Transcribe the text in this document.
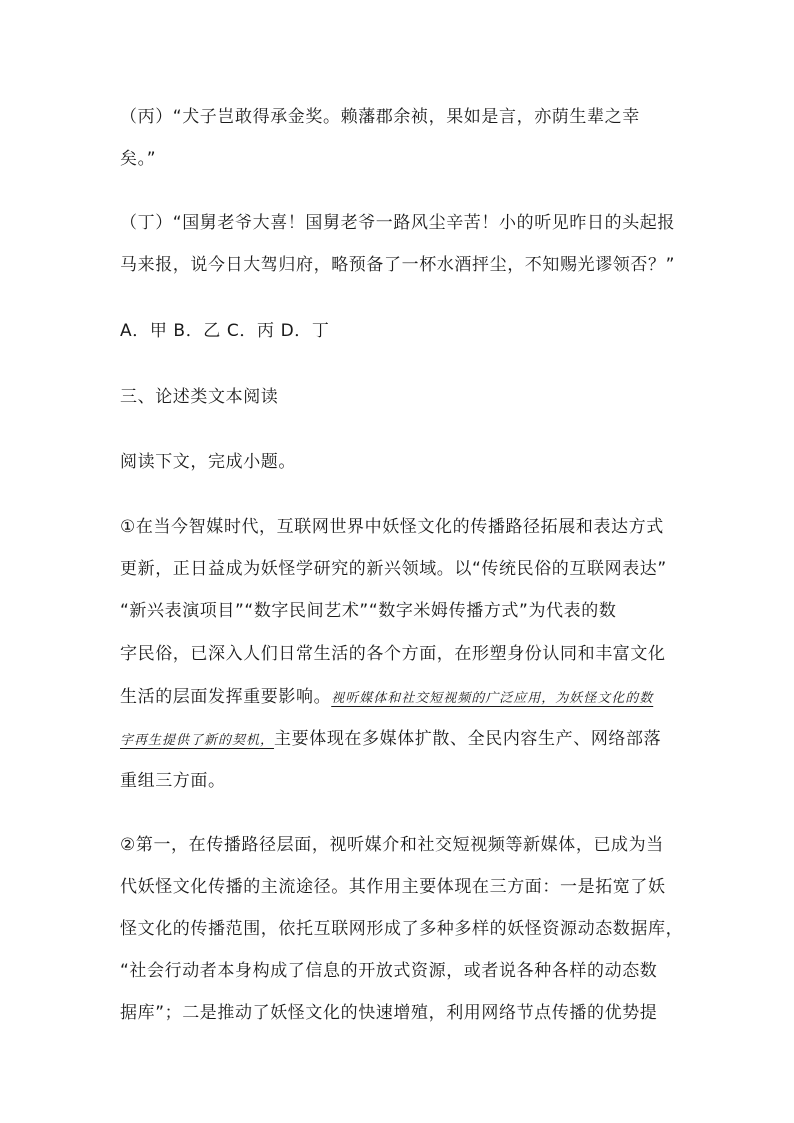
（丙）“犬子岂敢得承金奖。赖藩郡余祯，果如是言，亦荫生辈之幸
矣。”
（丁）“国舅老爷大喜！国舅老爷一路风尘辛苦！小的听见昨日的头起报
马来报，说今日大驾归府，略预备了一杯水酒抨尘，不知赐光谬领否？”
A．甲 B．乙 C．丙 D．丁
三、论述类文本阅读
阅读下文，完成小题。
①在当今智媒时代，互联网世界中妖怪文化的传播路径拓展和表达方式
更新，正日益成为妖怪学研究的新兴领域。以“传统民俗的互联网表达”
“新兴表演项目”“数字民间艺术”“数字米姆传播方式”为代表的数
字民俗，已深入人们日常生活的各个方面，在形塑身份认同和丰富文化
生活的层面发挥重要影响。视听媒体和社交短视频的广泛应用，为妖怪文化的数
字再生提供了新的契机，主要体现在多媒体扩散、全民内容生产、网络部落
重组三方面。
②第一，在传播路径层面，视听媒介和社交短视频等新媒体，已成为当
代妖怪文化传播的主流途径。其作用主要体现在三方面：一是拓宽了妖
怪文化的传播范围，依托互联网形成了多种多样的妖怪资源动态数据库，
“社会行动者本身构成了信息的开放式资源，或者说各种各样的动态数
据库”；二是推动了妖怪文化的快速增殖，利用网络节点传播的优势提
